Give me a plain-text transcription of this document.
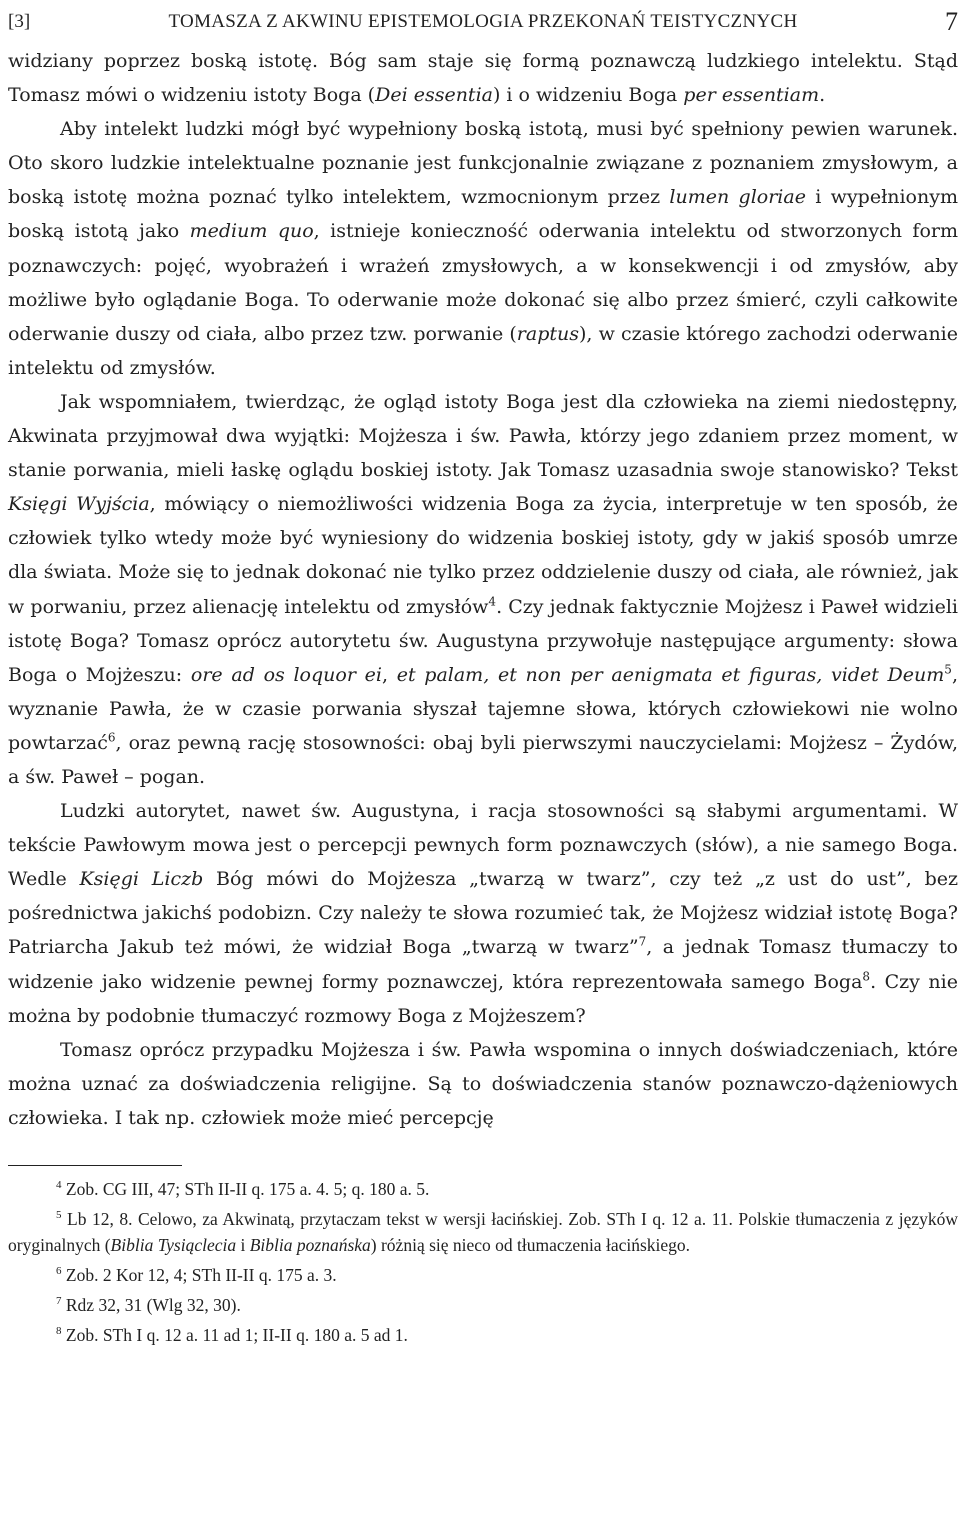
[3]	TOMASZA Z AKWINU EPISTEMOLOGIA PRZEKONAŃ TEISTYCZNYCH	7

widziany poprzez boską istotę. Bóg sam staje się formą poznawczą ludzkiego intelektu. Stąd Tomasz mówi o widzeniu istoty Boga (Dei essentia) i o widzeniu Boga per essentiam.

Aby intelekt ludzki mógł być wypełniony boską istotą, musi być spełniony pewien warunek. Oto skoro ludzkie intelektualne poznanie jest funkcjonalnie związane z poznaniem zmysłowym, a boską istotę można poznać tylko intelektem, wzmocnionym przez lumen gloriae i wypełnionym boską istotą jako medium quo, istnieje konieczność oderwania intelektu od stworzonych form poznawczych: pojęć, wyobrażeń i wrażeń zmysłowych, a w konsekwencji i od zmysłów, aby możliwe było oglądanie Boga. To oderwanie może dokonać się albo przez śmierć, czyli całkowite oderwanie duszy od ciała, albo przez tzw. porwanie (raptus), w czasie którego zachodzi oderwanie intelektu od zmysłów.

Jak wspomniałem, twierdząc, że ogląd istoty Boga jest dla człowieka na ziemi niedostępny, Akwinata przyjmował dwa wyjątki: Mojżesza i św. Pawła, którzy jego zdaniem przez moment, w stanie porwania, mieli łaskę oglądu boskiej istoty. Jak Tomasz uzasadnia swoje stanowisko? Tekst Księgi Wyjścia, mówiący o niemożliwości widzenia Boga za życia, interpretuje w ten sposób, że człowiek tylko wtedy może być wyniesiony do widzenia boskiej istoty, gdy w jakiś sposób umrze dla świata. Może się to jednak dokonać nie tylko przez oddzielenie duszy od ciała, ale również, jak w porwaniu, przez alienację intelektu od zmysłów$^4$. Czy jednak faktycznie Mojżesz i Paweł widzieli istotę Boga? Tomasz oprócz autorytetu św. Augustyna przywołuje następujące argumenty: słowa Boga o Mojżeszu: ore ad os loquor ei, et palam, et non per aenigmata et figuras, videt Deum$^5$, wyznanie Pawła, że w czasie porwania słyszał tajemne słowa, których człowiekowi nie wolno powtarzać$^6$, oraz pewną rację stosowności: obaj byli pierwszymi nauczycielami: Mojżesz – Żydów, a św. Paweł – pogan.

Ludzki autorytet, nawet św. Augustyna, i racja stosowności są słabymi argumentami. W tekście Pawłowym mowa jest o percepcji pewnych form poznawczych (słów), a nie samego Boga. Wedle Księgi Liczb Bóg mówi do Mojżesza „twarzą w twarz”, czy też „z ust do ust”, bez pośrednictwa jakichś podobizn. Czy należy te słowa rozumieć tak, że Mojżesz widział istotę Boga? Patriarcha Jakub też mówi, że widział Boga „twarzą w twarz”$^7$, a jednak Tomasz tłumaczy to widzenie jako widzenie pewnej formy poznawczej, która reprezentowała samego Boga$^8$. Czy nie można by podobnie tłumaczyć rozmowy Boga z Mojżeszem?

Tomasz oprócz przypadku Mojżesza i św. Pawła wspomina o innych doświadczeniach, które można uznać za doświadczenia religijne. Są to doświadczenia stanów poznawczo-dążeniowych człowieka. I tak np. człowiek może mieć percepcję

$^4$ Zob. CG III, 47; STh II-II q. 175 a. 4. 5; q. 180 a. 5.

$^5$ Lb 12, 8. Celowo, za Akwinatą, przytaczam tekst w wersji łacińskiej. Zob. STh I q. 12 a. 11. Polskie tłumaczenia z języków oryginalnych (Biblia Tysiąclecia i Biblia poznańska) różnią się nieco od tłumaczenia łacińskiego.

$^6$ Zob. 2 Kor 12, 4; STh II-II q. 175 a. 3.

$^7$ Rdz 32, 31 (Wlg 32, 30).

$^8$ Zob. STh I q. 12 a. 11 ad 1; II-II q. 180 a. 5 ad 1.
